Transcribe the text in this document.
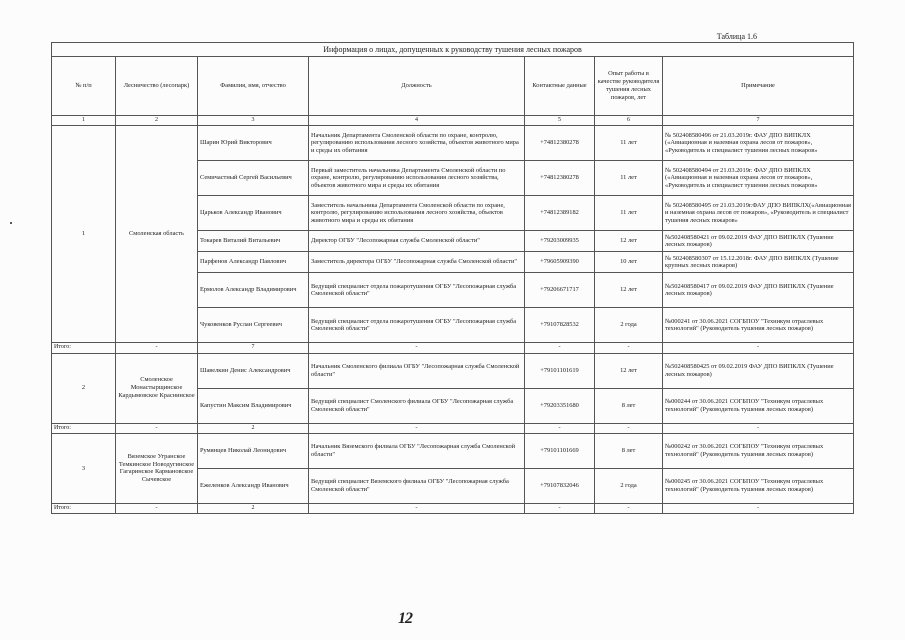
Таблица 1.6
Информация о лицах, допущенных к руководству тушения лесных пожаров						
№ п/п	Лесничество (лесопарк)	Фамилия, имя, отчество	Должность	Контактные данные	Опыт работы в качестве руководителя тушения лесных пожаров, лет	Примечание
1	2	3	4	5	6	7
1	Смоленская область	Шарин Юрий Викторович	Начальник Департамента Смоленской области по охране, контролю, регулированию использования лесного хозяйства, объектов животного мира и среды их обитания	+74812380278	11 лет	№ 502408580496 от 21.03.2019г. ФАУ ДПО ВИПКЛХ («Авиационная и наземная охрана лесов от пожаров», «Руководитель и специалист тушения лесных пожаров»
		Семичастный Сергей Васильевич	Первый заместитель начальника Департамента Смоленской области по охране, контролю, регулированию использования лесного хозяйства, объектов животного мира и среды их обитания	+74812380278	11 лет	№ 502408580494 от 21.03.2019г. ФАУ ДПО ВИПКЛХ («Авиационная и наземная охрана лесов от пожаров», «Руководитель и специалист тушения лесных пожаров»
		Царьков Александр Иванович	Заместитель начальника Департамента Смоленской области по охране, контролю, регулированию использования лесного хозяйства, объектов животного мира и среды их обитания	+74812389182	11 лет	№ 502408580495 от 21.03.2019г.ФАУ ДПО ВИПКЛХ(«Авиационная и наземная охрана лесов от пожаров», «Руководитель и специалист тушения лесных пожаров»
		Токарев Виталий Витальевич	Директор ОГБУ "Лесопожарная служба Смоленской области"	+79203009935	12 лет	№502408580421 от 09.02.2019 ФАУ ДПО ВИПКЛХ (Тушение лесных пожаров)
		Парфенов Александр Павлович	Заместитель директора ОГБУ "Лесопожарная служба Смоленской области"	+79605909390	10 лет	№ 502408580307 от 15.12.2018г. ФАУ ДПО ВИПКЛХ (Тушение крупных лесных пожаров)
		Ермолов Александр Владимирович	Ведущий специалист отдела пожаротушения ОГБУ "Лесопожарная служба Смоленской области"	+79206671717	12 лет	№502408580417 от 09.02.2019 ФАУ ДПО ВИПКЛХ (Тушение лесных пожаров)
		Чуковенков Руслан Сергеевич	Ведущий специалист отдела пожаротушения ОГБУ "Лесопожарная служба Смоленской области"	+79107828532	2 года	№000241 от 30.06.2021 СОГБПОУ "Техникум отраслевых технологий" (Руководитель тушения лесных пожаров)
Итого:	-	7	-	-	-	-
2	Смоленское Монастырщинское Кардымовское Краснинское	Шавелкин Денис Александрович	Начальник Смоленского филиала ОГБУ "Лесопожарная служба Смоленской области"	+79101101619	12 лет	№502408580425 от 09.02.2019 ФАУ ДПО ВИПКЛХ (Тушение лесных пожаров)
		Капустин Максим Владимирович	Ведущий специалист Смоленского филиала ОГБУ "Лесопожарная служба Смоленской области"	+79203351680	8 лет	№000244 от 30.06.2021 СОГБПОУ "Техникум отраслевых технологий" (Руководитель тушения лесных пожаров)
Итого:	-	2	-	-	-	-
3	Вяземское Угранское Темкинское Новодугинское Гагаринское Кармановское Сычевское	Румянцев Николай Леонидович	Начальник Вяземского филиала ОГБУ "Лесопожарная служба Смоленской области"	+79101101669	8 лет	№000242 от 30.06.2021 СОГБПОУ "Техникум отраслевых технологий" (Руководитель тушения лесных пожаров)
		Ежеленков Александр Иванович	Ведущий специалист Вяземского филиала ОГБУ "Лесопожарная служба Смоленской области"	+79107832046	2 года	№000245 от 30.06.2021 СОГБПОУ "Техникум отраслевых технологий" (Руководитель тушения лесных пожаров)
Итого:	-	2	-	-	-	-
12
